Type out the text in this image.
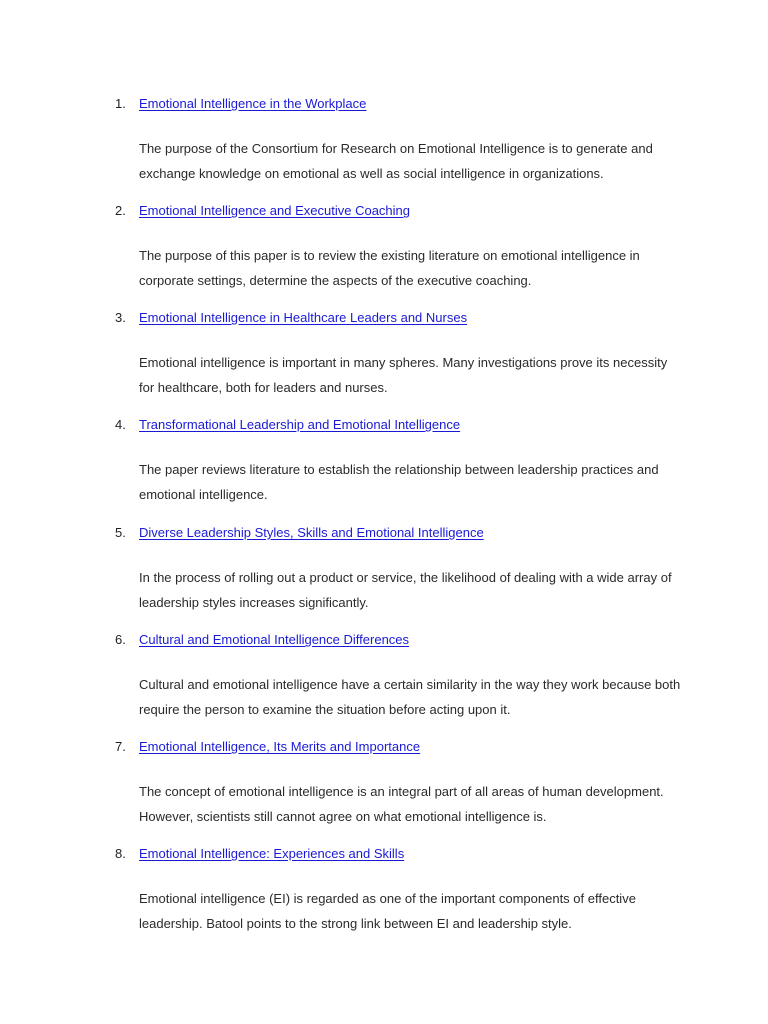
1. Emotional Intelligence in the Workplace
The purpose of the Consortium for Research on Emotional Intelligence is to generate and exchange knowledge on emotional as well as social intelligence in organizations.
2. Emotional Intelligence and Executive Coaching
The purpose of this paper is to review the existing literature on emotional intelligence in corporate settings, determine the aspects of the executive coaching.
3. Emotional Intelligence in Healthcare Leaders and Nurses
Emotional intelligence is important in many spheres. Many investigations prove its necessity for healthcare, both for leaders and nurses.
4. Transformational Leadership and Emotional Intelligence
The paper reviews literature to establish the relationship between leadership practices and emotional intelligence.
5. Diverse Leadership Styles, Skills and Emotional Intelligence
In the process of rolling out a product or service, the likelihood of dealing with a wide array of leadership styles increases significantly.
6. Cultural and Emotional Intelligence Differences
Cultural and emotional intelligence have a certain similarity in the way they work because both require the person to examine the situation before acting upon it.
7. Emotional Intelligence, Its Merits and Importance
The concept of emotional intelligence is an integral part of all areas of human development. However, scientists still cannot agree on what emotional intelligence is.
8. Emotional Intelligence: Experiences and Skills
Emotional intelligence (EI) is regarded as one of the important components of effective leadership. Batool points to the strong link between EI and leadership style.
